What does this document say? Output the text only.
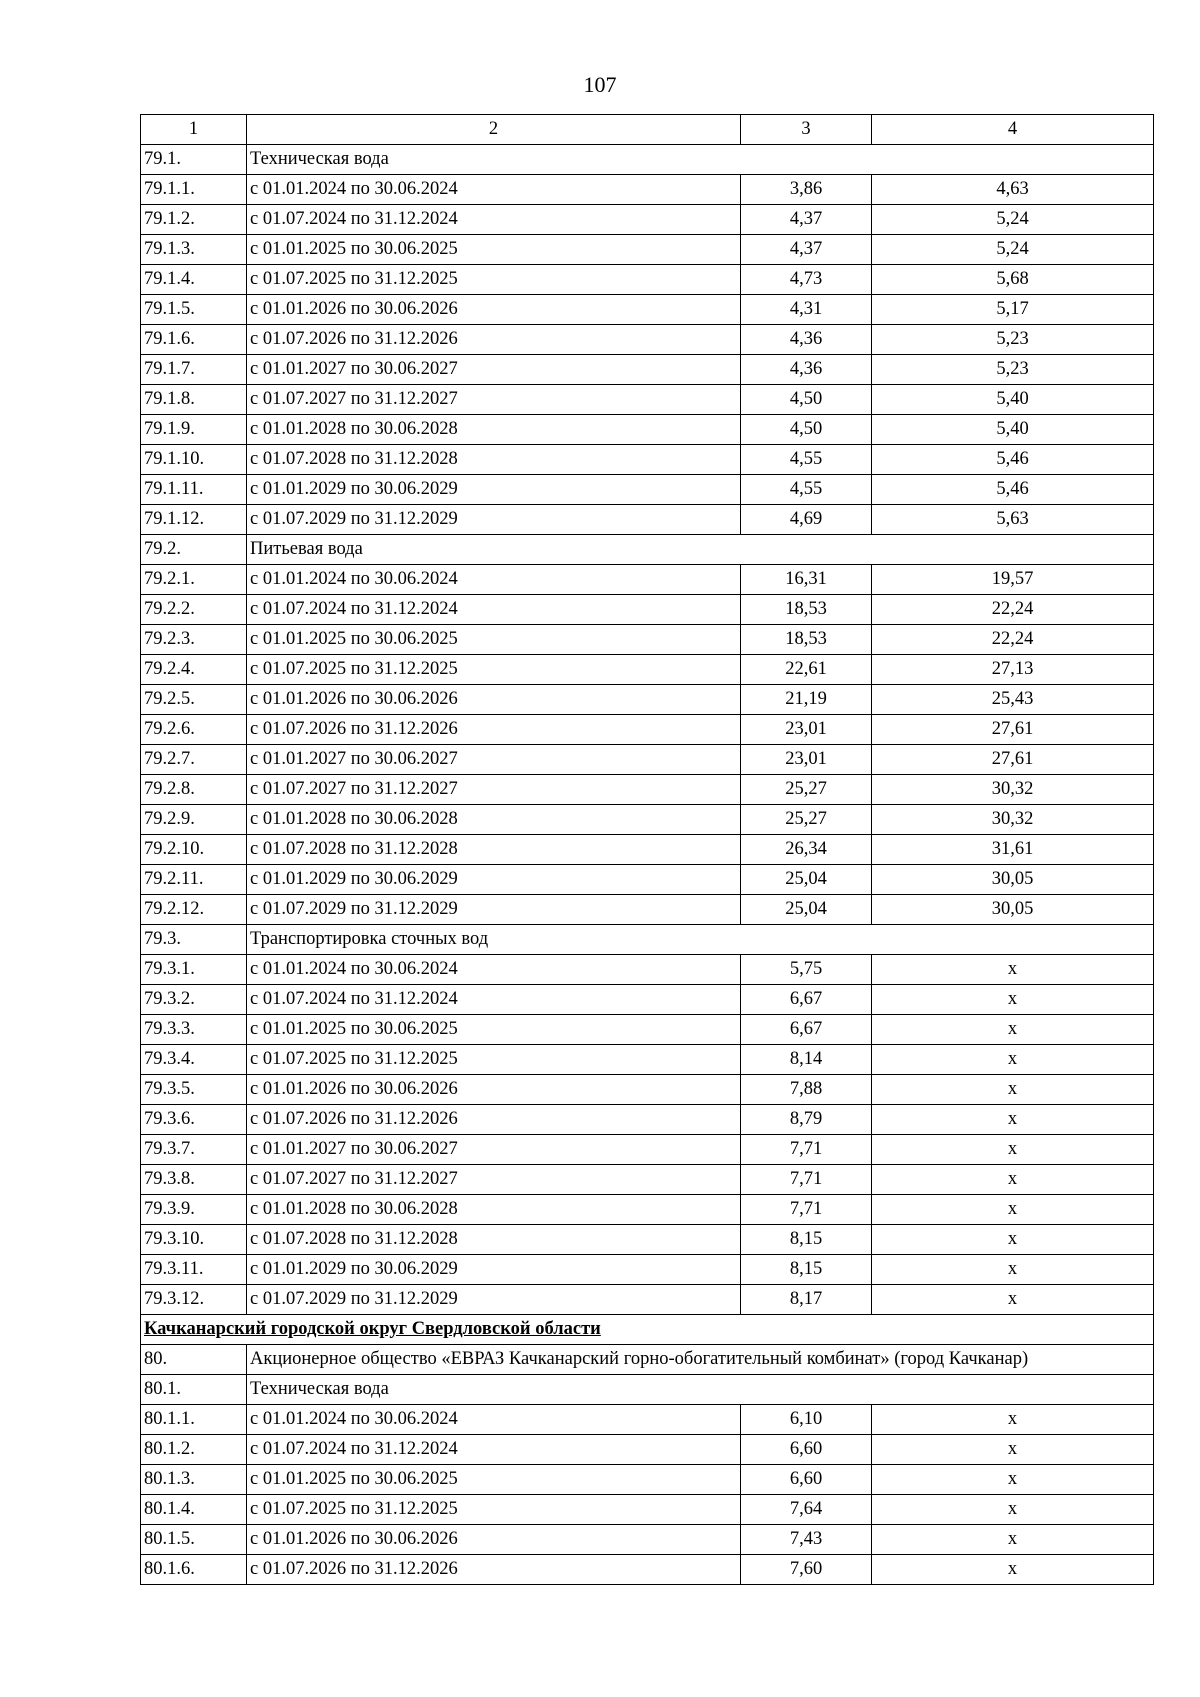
107
1	2	3	4
79.1.	Техническая вода		
79.1.1.	с 01.01.2024 по 30.06.2024	3,86	4,63
79.1.2.	с 01.07.2024 по 31.12.2024	4,37	5,24
79.1.3.	с 01.01.2025 по 30.06.2025	4,37	5,24
79.1.4.	с 01.07.2025 по 31.12.2025	4,73	5,68
79.1.5.	с 01.01.2026 по 30.06.2026	4,31	5,17
79.1.6.	с 01.07.2026 по 31.12.2026	4,36	5,23
79.1.7.	с 01.01.2027 по 30.06.2027	4,36	5,23
79.1.8.	с 01.07.2027 по 31.12.2027	4,50	5,40
79.1.9.	с 01.01.2028 по 30.06.2028	4,50	5,40
79.1.10.	с 01.07.2028 по 31.12.2028	4,55	5,46
79.1.11.	с 01.01.2029 по 30.06.2029	4,55	5,46
79.1.12.	с 01.07.2029 по 31.12.2029	4,69	5,63
79.2.	Питьевая вода		
79.2.1.	с 01.01.2024 по 30.06.2024	16,31	19,57
79.2.2.	с 01.07.2024 по 31.12.2024	18,53	22,24
79.2.3.	с 01.01.2025 по 30.06.2025	18,53	22,24
79.2.4.	с 01.07.2025 по 31.12.2025	22,61	27,13
79.2.5.	с 01.01.2026 по 30.06.2026	21,19	25,43
79.2.6.	с 01.07.2026 по 31.12.2026	23,01	27,61
79.2.7.	с 01.01.2027 по 30.06.2027	23,01	27,61
79.2.8.	с 01.07.2027 по 31.12.2027	25,27	30,32
79.2.9.	с 01.01.2028 по 30.06.2028	25,27	30,32
79.2.10.	с 01.07.2028 по 31.12.2028	26,34	31,61
79.2.11.	с 01.01.2029 по 30.06.2029	25,04	30,05
79.2.12.	с 01.07.2029 по 31.12.2029	25,04	30,05
79.3.	Транспортировка сточных вод		
79.3.1.	с 01.01.2024 по 30.06.2024	5,75	х
79.3.2.	с 01.07.2024 по 31.12.2024	6,67	х
79.3.3.	с 01.01.2025 по 30.06.2025	6,67	х
79.3.4.	с 01.07.2025 по 31.12.2025	8,14	х
79.3.5.	с 01.01.2026 по 30.06.2026	7,88	х
79.3.6.	с 01.07.2026 по 31.12.2026	8,79	х
79.3.7.	с 01.01.2027 по 30.06.2027	7,71	х
79.3.8.	с 01.07.2027 по 31.12.2027	7,71	х
79.3.9.	с 01.01.2028 по 30.06.2028	7,71	х
79.3.10.	с 01.07.2028 по 31.12.2028	8,15	х
79.3.11.	с 01.01.2029 по 30.06.2029	8,15	х
79.3.12.	с 01.07.2029 по 31.12.2029	8,17	х
Качканарский городской округ Свердловской области			
80.	Акционерное общество «ЕВРАЗ Качканарский горно-обогатительный комбинат» (город Качканар)		
80.1.	Техническая вода		
80.1.1.	с 01.01.2024 по 30.06.2024	6,10	х
80.1.2.	с 01.07.2024 по 31.12.2024	6,60	х
80.1.3.	с 01.01.2025 по 30.06.2025	6,60	х
80.1.4.	с 01.07.2025 по 31.12.2025	7,64	х
80.1.5.	с 01.01.2026 по 30.06.2026	7,43	х
80.1.6.	с 01.07.2026 по 31.12.2026	7,60	х
